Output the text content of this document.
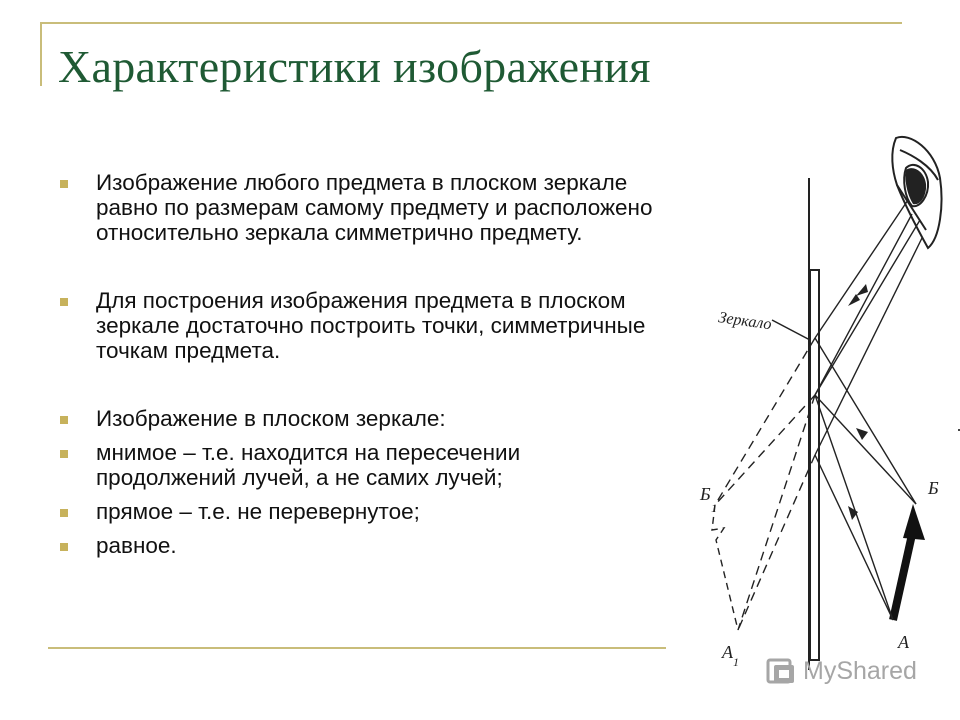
Характеристики изображения
Изображение любого предмета в плоском зеркале равно по размерам самому предмету и расположено относительно зеркала симметрично предмету.
Для построения изображения предмета в плоском зеркале достаточно построить точки, симметричные точкам предмета.
Изображение в плоском зеркале:
мнимое – т.е. находится на пересечении продолжений лучей, а не самих лучей;
прямое – т.е. не перевернутое;
равное.
Зеркало
Б
А
Б
1
А 1	MyShared
